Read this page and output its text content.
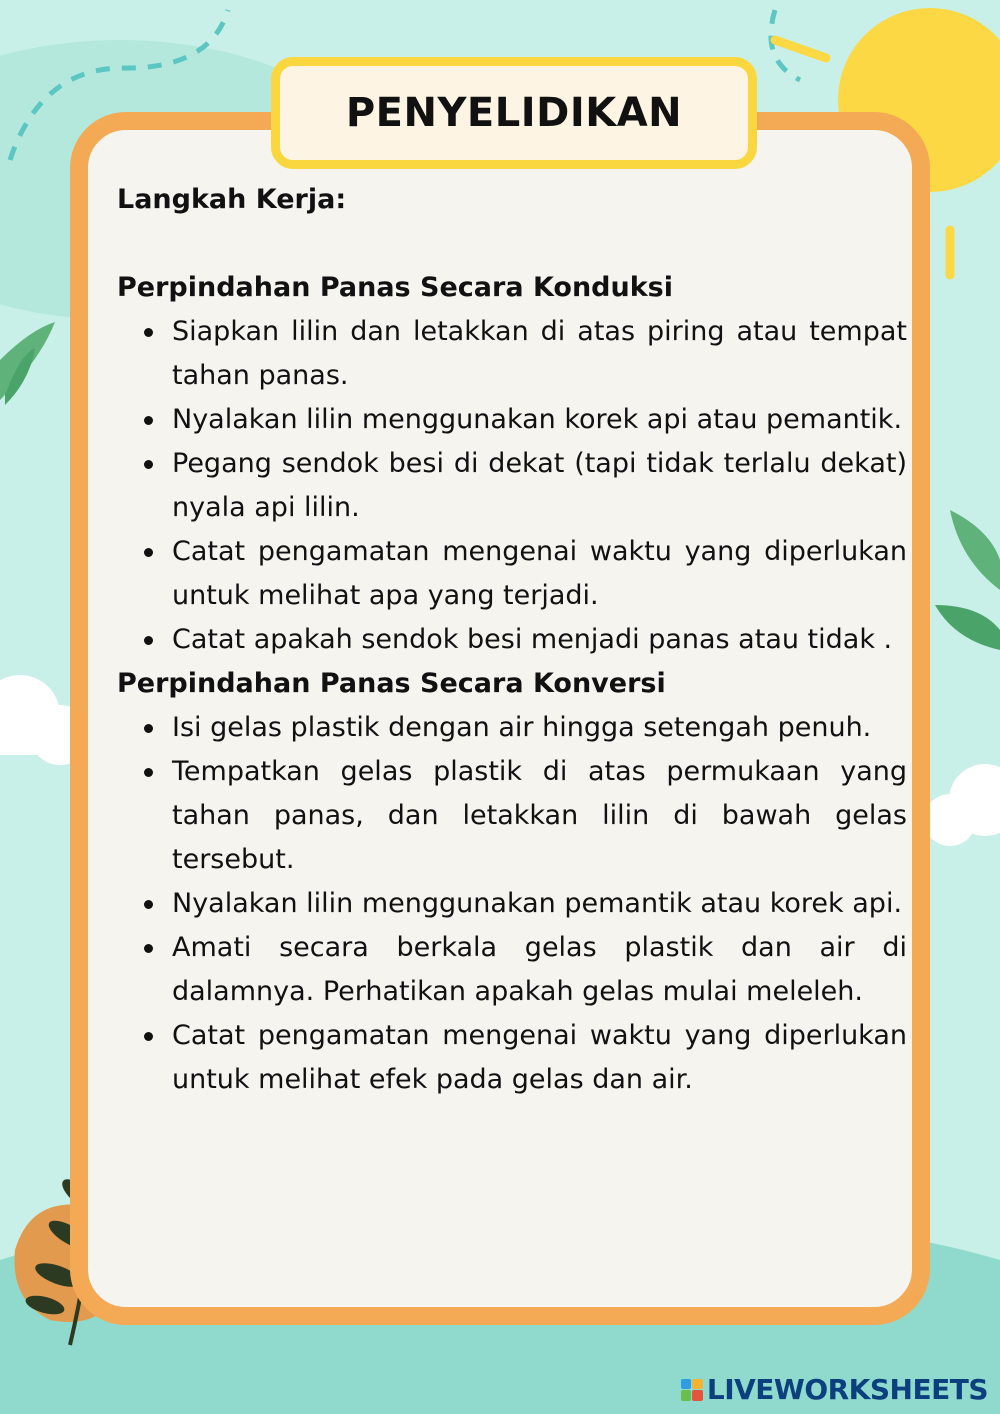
PENYELIDIKAN

Langkah Kerja:

Perpindahan Panas Secara Konduksi

Siapkan lilin dan letakkan di atas piring atau tempat tahan panas.
Nyalakan lilin menggunakan korek api atau pemantik.
Pegang sendok besi di dekat (tapi tidak terlalu dekat) nyala api lilin.
Catat pengamatan mengenai waktu yang diperlukan untuk melihat apa yang terjadi.
Catat apakah sendok besi menjadi panas atau tidak .

Perpindahan Panas Secara Konversi

Isi gelas plastik dengan air hingga setengah penuh.
Tempatkan gelas plastik di atas permukaan yang tahan panas, dan letakkan lilin di bawah gelas tersebut.
Nyalakan lilin menggunakan pemantik atau korek api.
Amati secara berkala gelas plastik dan air di dalamnya. Perhatikan apakah gelas mulai meleleh.
Catat pengamatan mengenai waktu yang diperlukan untuk melihat efek pada gelas dan air.
LIVEWORKSHEETS
